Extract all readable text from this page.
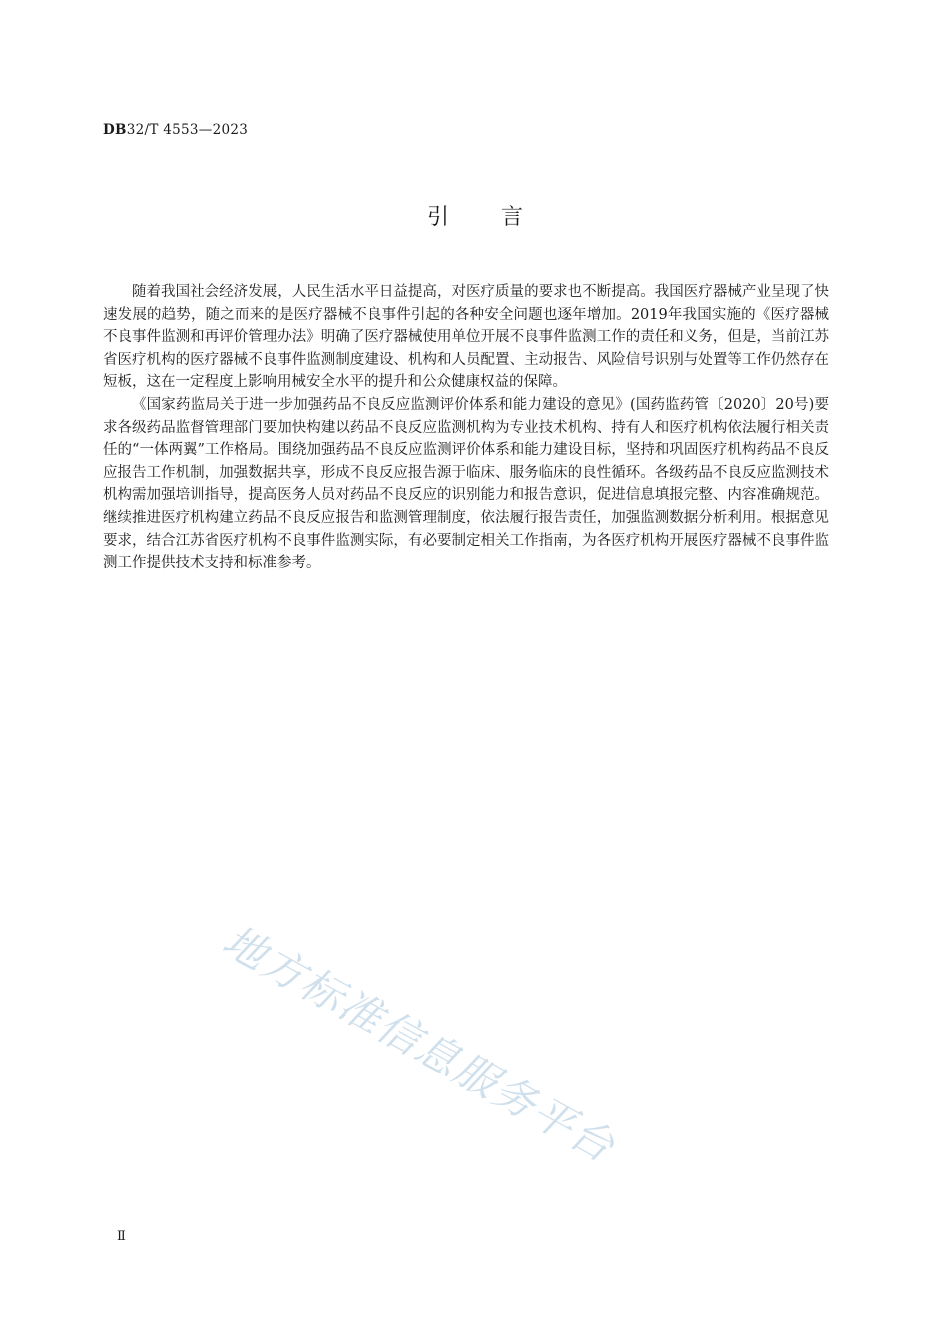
DB32/T 4553—2023
引言

随着我国社会经济发展，人民生活水平日益提高，对医疗质量的要求也不断提高。我国医疗器械产业呈现了快速发展的趋势，随之而来的是医疗器械不良事件引起的各种安全问题也逐年增加。2019年我国实施的《医疗器械不良事件监测和再评价管理办法》明确了医疗器械使用单位开展不良事件监测工作的责任和义务，但是，当前江苏省医疗机构的医疗器械不良事件监测制度建设、机构和人员配置、主动报告、风险信号识别与处置等工作仍然存在短板，这在一定程度上影响用械安全水平的提升和公众健康权益的保障。

《国家药监局关于进一步加强药品不良反应监测评价体系和能力建设的意见》(国药监药管〔2020〕20号)要求各级药品监督管理部门要加快构建以药品不良反应监测机构为专业技术机构、持有人和医疗机构依法履行相关责任的“一体两翼”工作格局。围绕加强药品不良反应监测评价体系和能力建设目标，坚持和巩固医疗机构药品不良反应报告工作机制，加强数据共享，形成不良反应报告源于临床、服务临床的良性循环。各级药品不良反应监测技术机构需加强培训指导，提高医务人员对药品不良反应的识别能力和报告意识，促进信息填报完整、内容准确规范。继续推进医疗机构建立药品不良反应报告和监测管理制度，依法履行报告责任，加强监测数据分析利用。根据意见要求，结合江苏省医疗机构不良事件监测实际，有必要制定相关工作指南，为各医疗机构开展医疗器械不良事件监测工作提供技术支持和标准参考。

地方标准信息服务平台
Ⅱ
